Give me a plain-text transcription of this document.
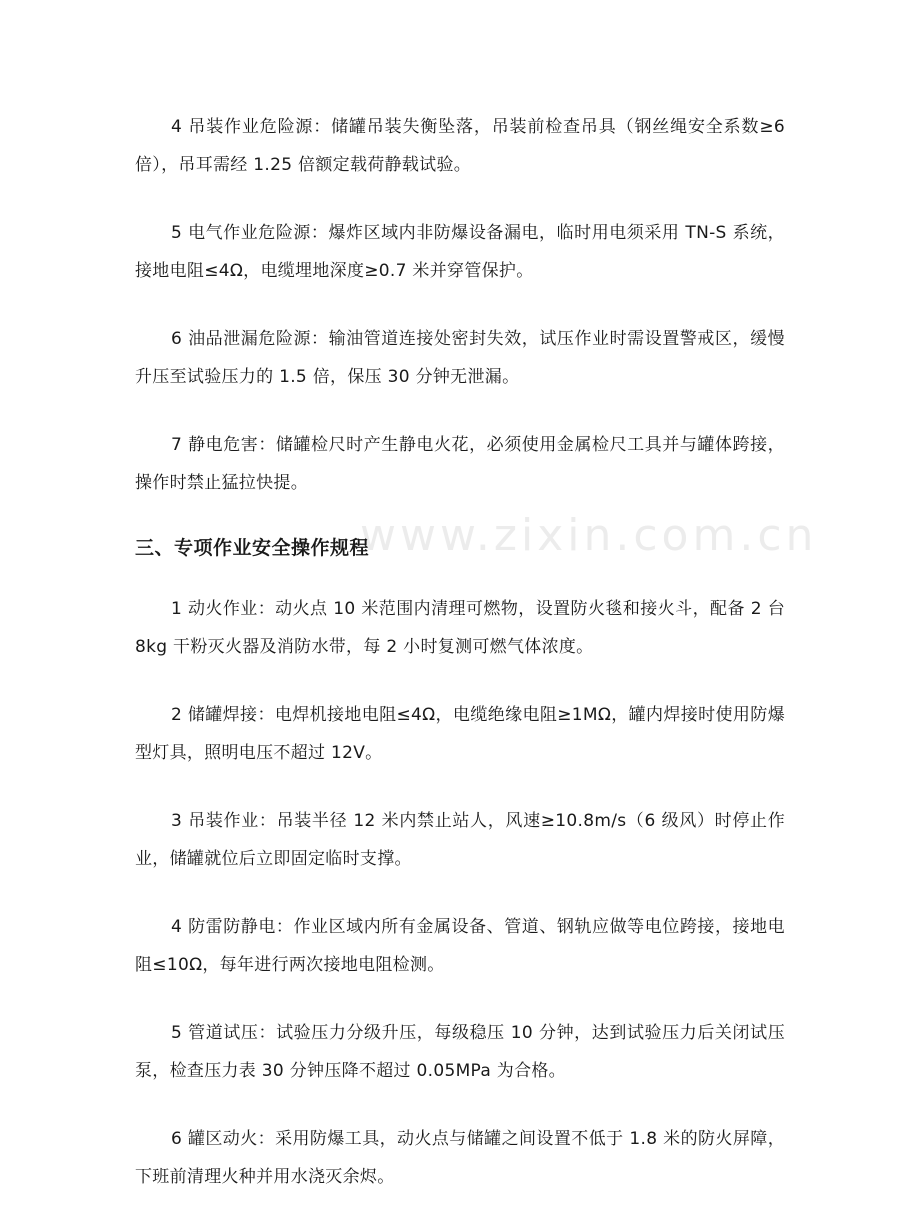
www.zixin.com.cn

4 吊装作业危险源：储罐吊装失衡坠落，吊装前检查吊具（钢丝绳安全系数≥6 倍），吊耳需经 1.25 倍额定载荷静载试验。

5 电气作业危险源：爆炸区域内非防爆设备漏电，临时用电须采用 TN-S 系统，接地电阻≤4Ω，电缆埋地深度≥0.7 米并穿管保护。

6 油品泄漏危险源：输油管道连接处密封失效，试压作业时需设置警戒区，缓慢升压至试验压力的 1.5 倍，保压 30 分钟无泄漏。

7 静电危害：储罐检尺时产生静电火花，必须使用金属检尺工具并与罐体跨接，操作时禁止猛拉快提。

三、专项作业安全操作规程

1 动火作业：动火点 10 米范围内清理可燃物，设置防火毯和接火斗，配备 2 台 8kg 干粉灭火器及消防水带，每 2 小时复测可燃气体浓度。

2 储罐焊接：电焊机接地电阻≤4Ω，电缆绝缘电阻≥1MΩ，罐内焊接时使用防爆型灯具，照明电压不超过 12V。

3 吊装作业：吊装半径 12 米内禁止站人，风速≥10.8m/s（6 级风）时停止作业，储罐就位后立即固定临时支撑。

4 防雷防静电：作业区域内所有金属设备、管道、钢轨应做等电位跨接，接地电阻≤10Ω，每年进行两次接地电阻检测。

5 管道试压：试验压力分级升压，每级稳压 10 分钟，达到试验压力后关闭试压泵，检查压力表 30 分钟压降不超过 0.05MPa 为合格。

6 罐区动火：采用防爆工具，动火点与储罐之间设置不低于 1.8 米的防火屏障，下班前清理火种并用水浇灭余烬。
